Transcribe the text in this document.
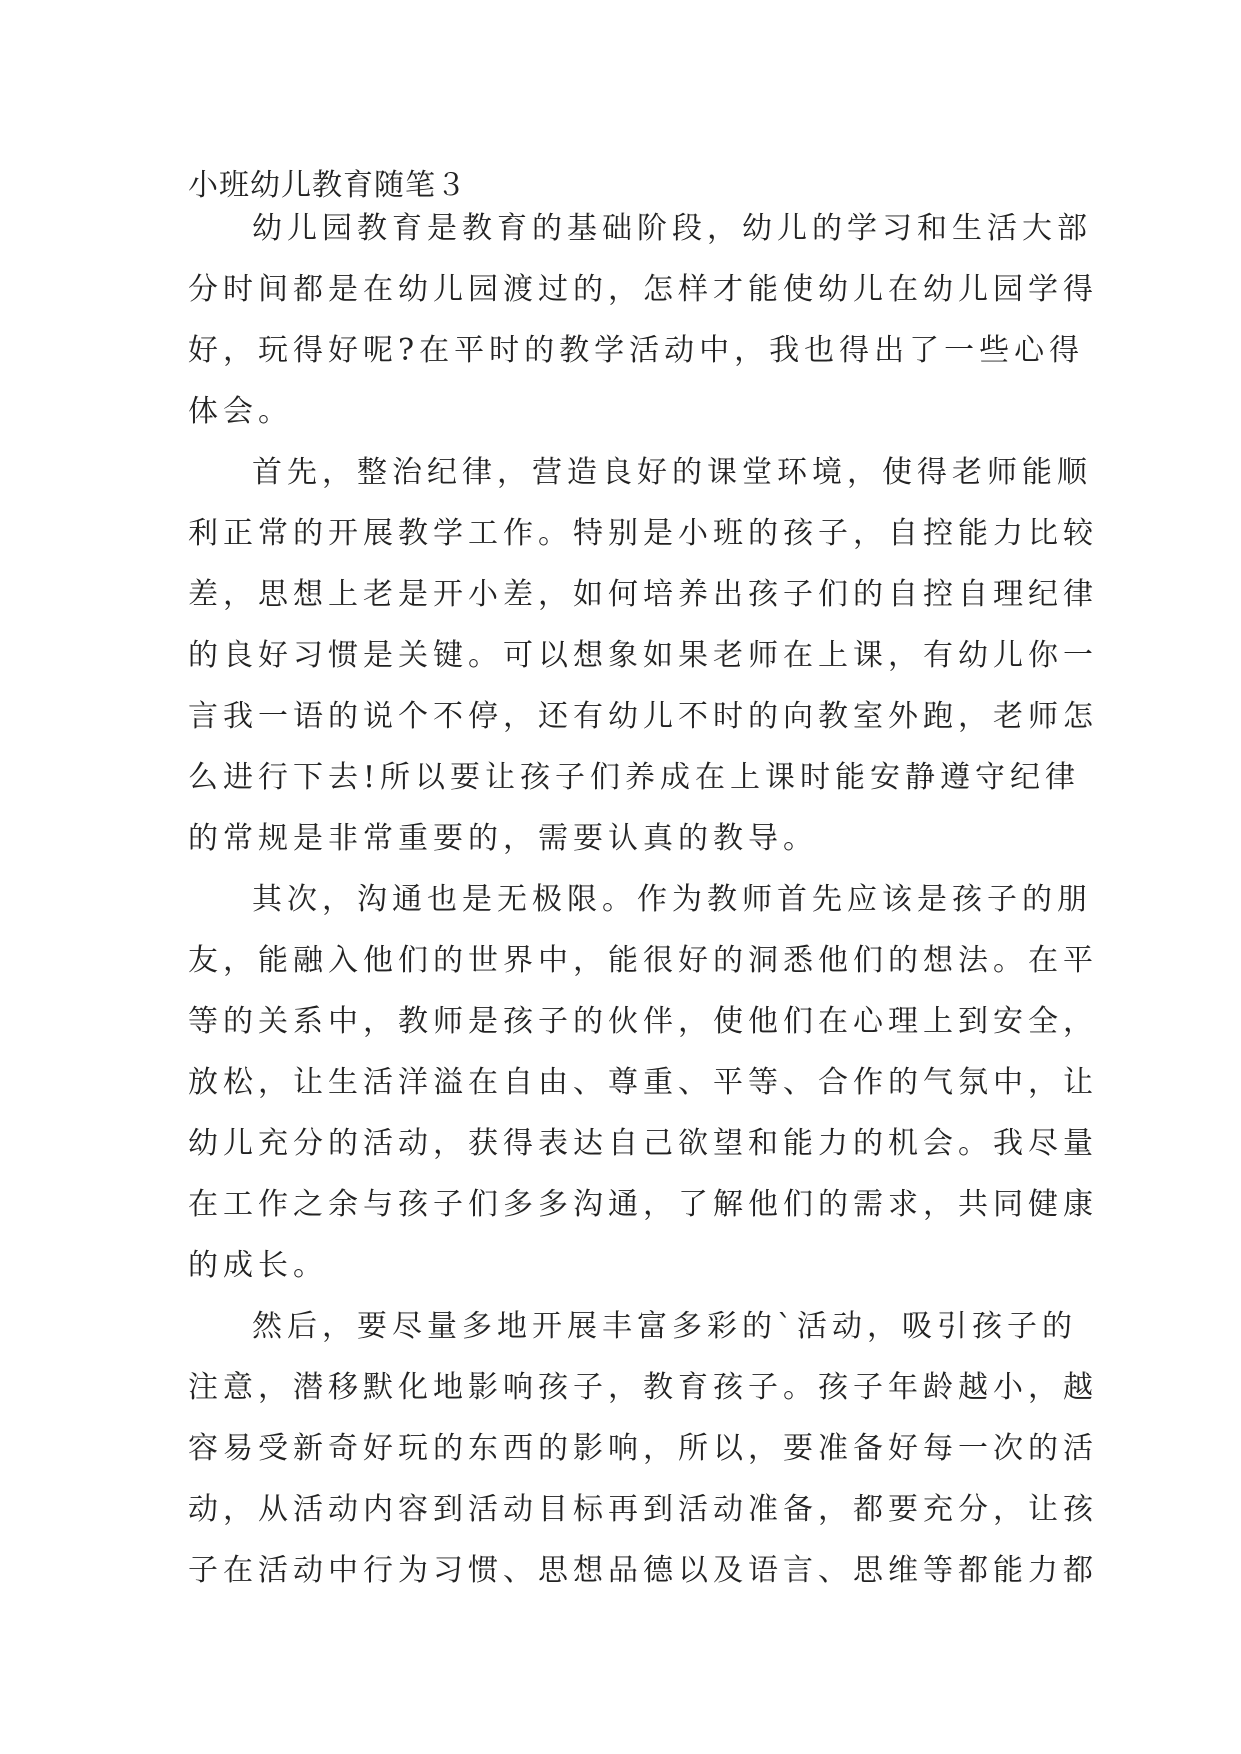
小班幼儿教育随笔３
幼儿园教育是教育的基础阶段，幼儿的学习和生活大部
分时间都是在幼儿园渡过的，怎样才能使幼儿在幼儿园学得
好，玩得好呢?在平时的教学活动中，我也得出了一些心得
体会。
首先，整治纪律，营造良好的课堂环境，使得老师能顺
利正常的开展教学工作。特别是小班的孩子，自控能力比较
差，思想上老是开小差，如何培养出孩子们的自控自理纪律
的良好习惯是关键。可以想象如果老师在上课，有幼儿你一
言我一语的说个不停，还有幼儿不时的向教室外跑，老师怎
么进行下去!所以要让孩子们养成在上课时能安静遵守纪律
的常规是非常重要的，需要认真的教导。
其次，沟通也是无极限。作为教师首先应该是孩子的朋
友，能融入他们的世界中，能很好的洞悉他们的想法。在平
等的关系中，教师是孩子的伙伴，使他们在心理上到安全，
放松，让生活洋溢在自由、尊重、平等、合作的气氛中，让
幼儿充分的活动，获得表达自己欲望和能力的机会。我尽量
在工作之余与孩子们多多沟通，了解他们的需求，共同健康
的成长。
然后，要尽量多地开展丰富多彩的`活动，吸引孩子的
注意，潜移默化地影响孩子，教育孩子。孩子年龄越小，越
容易受新奇好玩的东西的影响，所以，要准备好每一次的活
动，从活动内容到活动目标再到活动准备，都要充分，让孩
子在活动中行为习惯、思想品德以及语言、思维等都能力都
